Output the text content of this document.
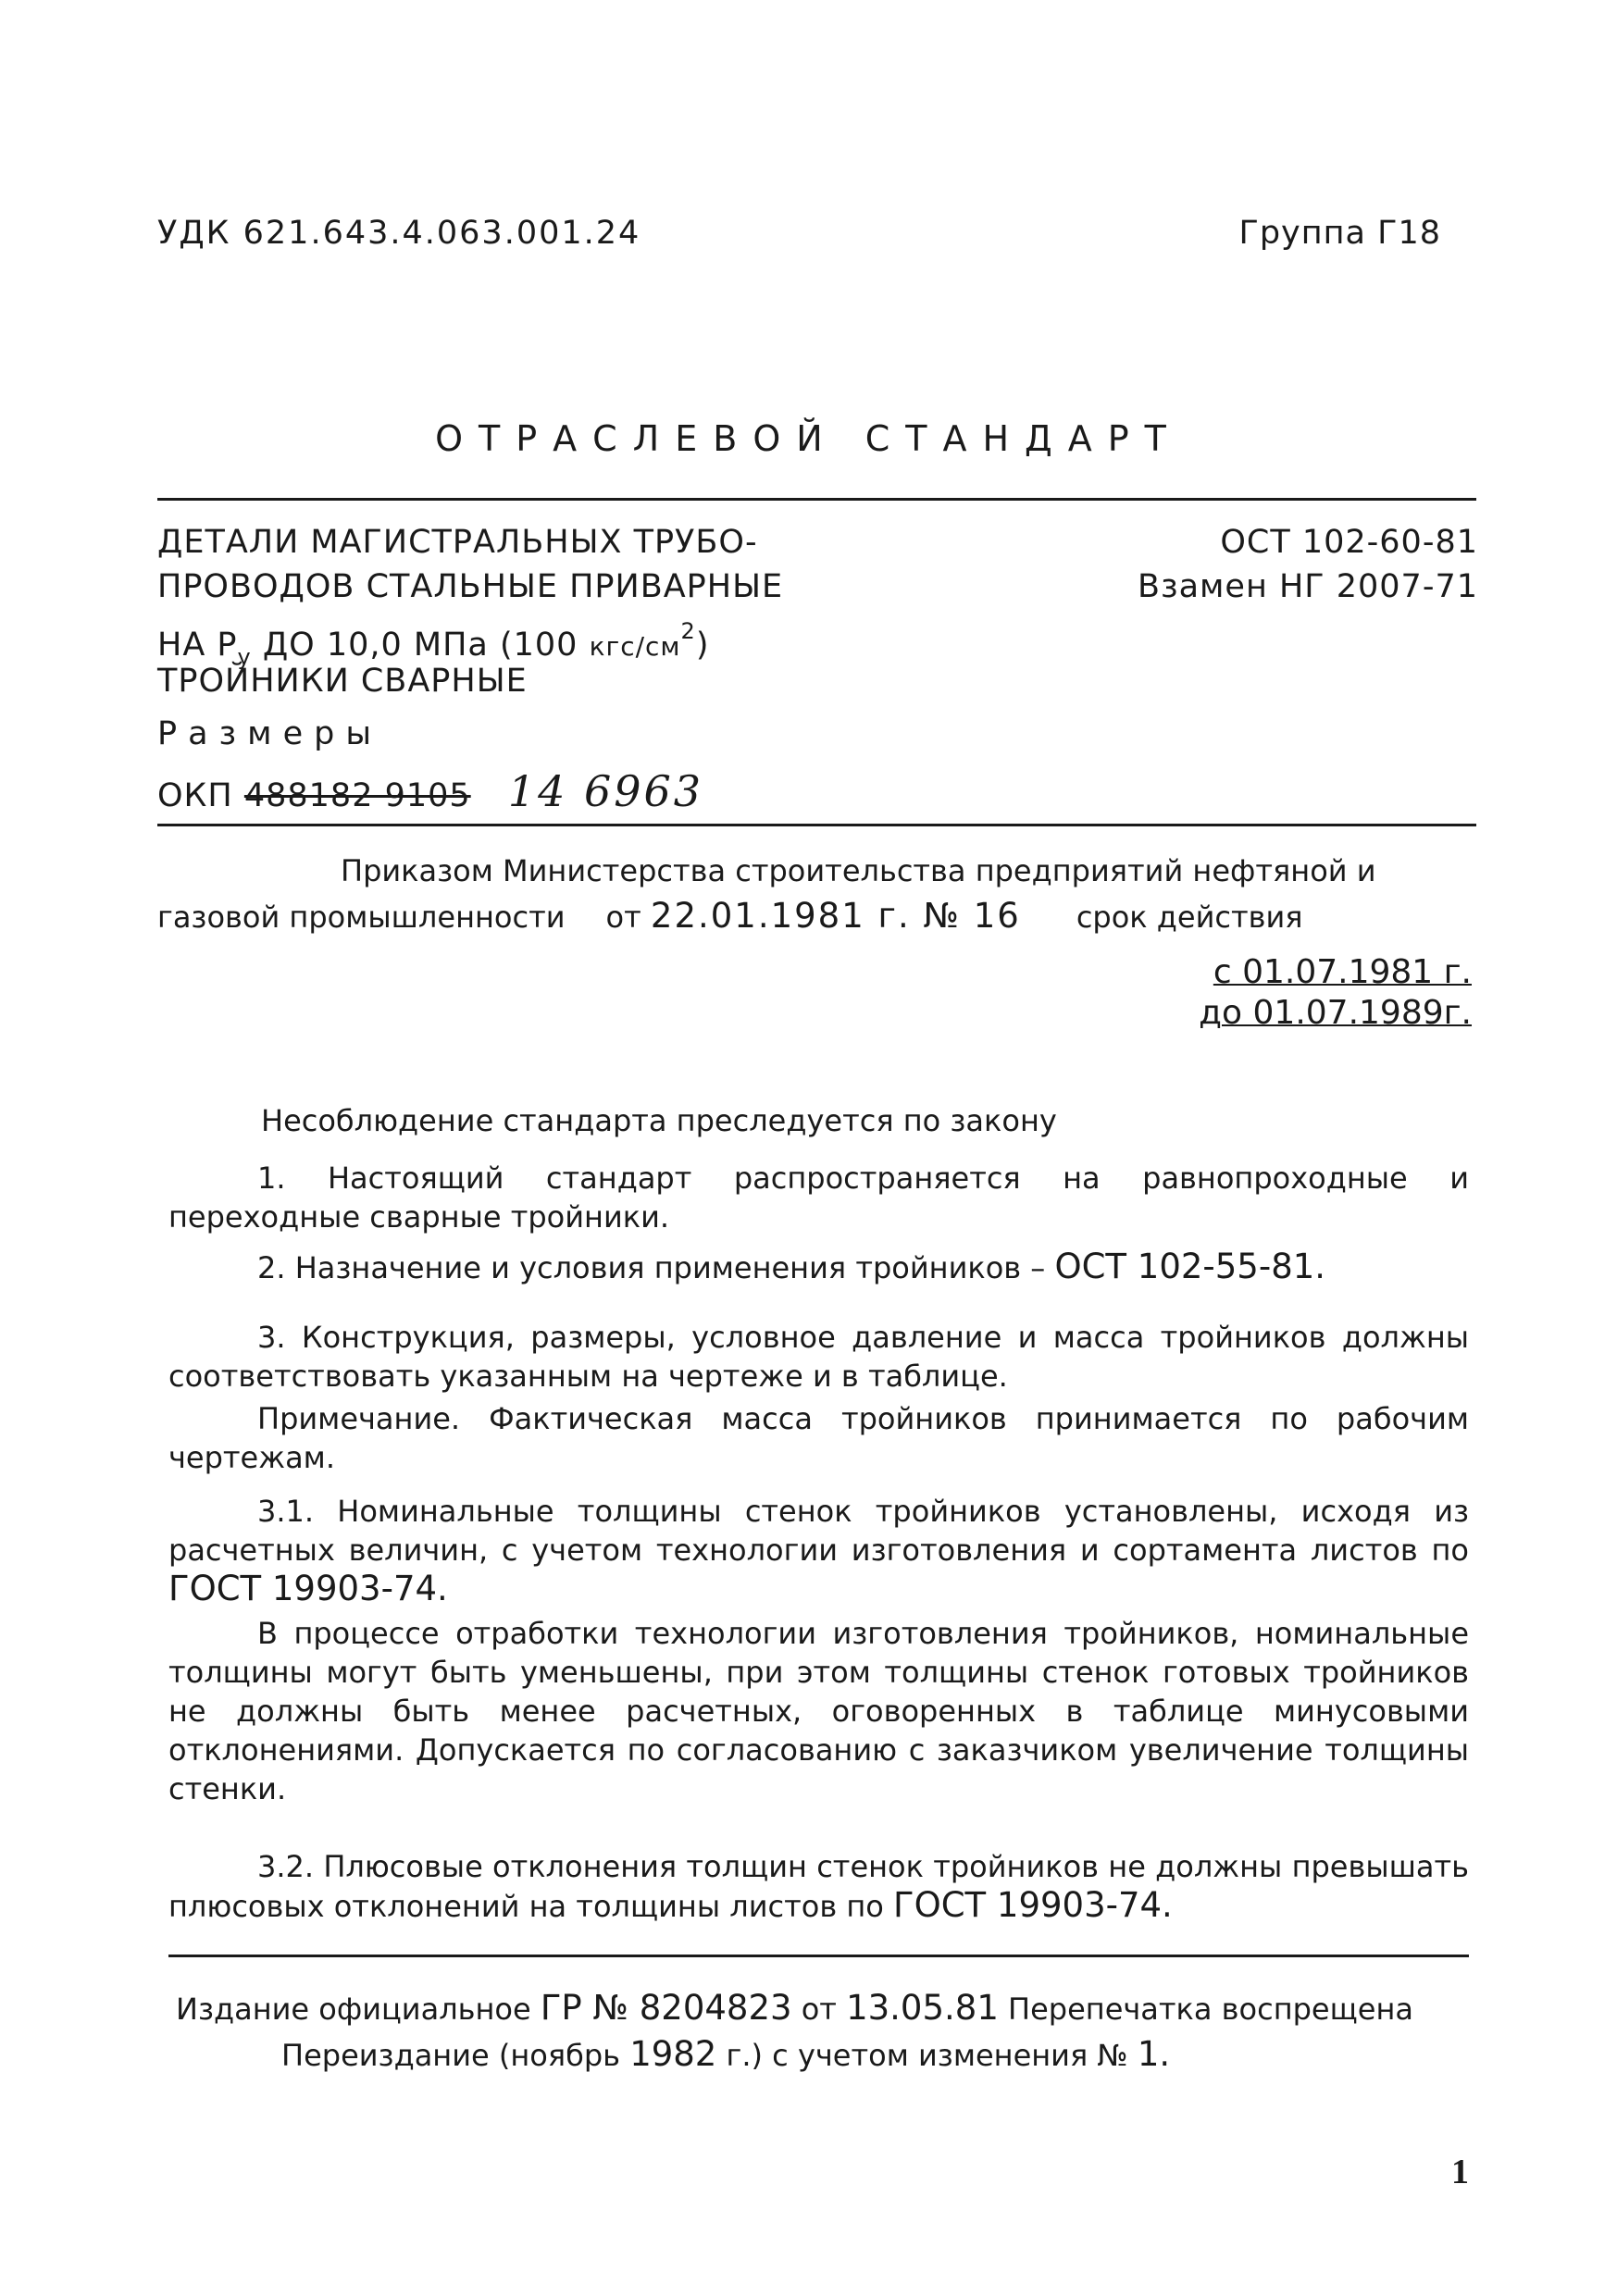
УДК 621.643.4.063.001.24	Группа Г18
ОТРАСЛЕВОЙ СТАНДАРТ
ДЕТАЛИ МАГИСТРАЛЬНЫХ ТРУБО-
ПРОВОДОВ СТАЛЬНЫЕ ПРИВАРНЫЕ
НА $Р_у$ ДО 10,0 МПа (100 кгс/$см^2$)
ОСТ 102-60-81
Взамен НГ 2007-71
ТРОЙНИКИ СВАРНЫЕ
Размеры
ОКП 488182 9105 14 6963
Приказом Министерства строительства предприятий нефтяной и
газовой промышленности от 22.01.1981 г. № 16 срок действия
с 01.07.1981 г.
до 01.07.1989г.
Несоблюдение стандарта преследуется по закону

1. Настоящий стандарт распространяется на равнопроходные и переходные сварные тройники.

2. Назначение и условия применения тройников – ОСТ 102-55-81.

3. Конструкция, размеры, условное давление и масса тройников должны соответствовать указанным на чертеже и в таблице.

Примечание. Фактическая масса тройников принимается по рабочим чертежам.

3.1. Номинальные толщины стенок тройников установлены, исходя из расчетных величин, с учетом технологии изготовления и сортамента листов по ГОСТ 19903-74.

В процессе отработки технологии изготовления тройников, номинальные толщины могут быть уменьшены, при этом толщины стенок готовых тройников не должны быть менее расчетных, оговоренных в таблице минусовыми отклонениями. Допускается по согласованию с заказчиком увеличение толщины стенки.

3.2. Плюсовые отклонения толщин стенок тройников не должны превышать плюсовых отклонений на толщины листов по ГОСТ 19903-74.

Издание официальное ГР № 8204823 от 13.05.81 Перепечатка воспрещена
Переиздание (ноябрь 1982 г.) с учетом изменения № 1.
1
